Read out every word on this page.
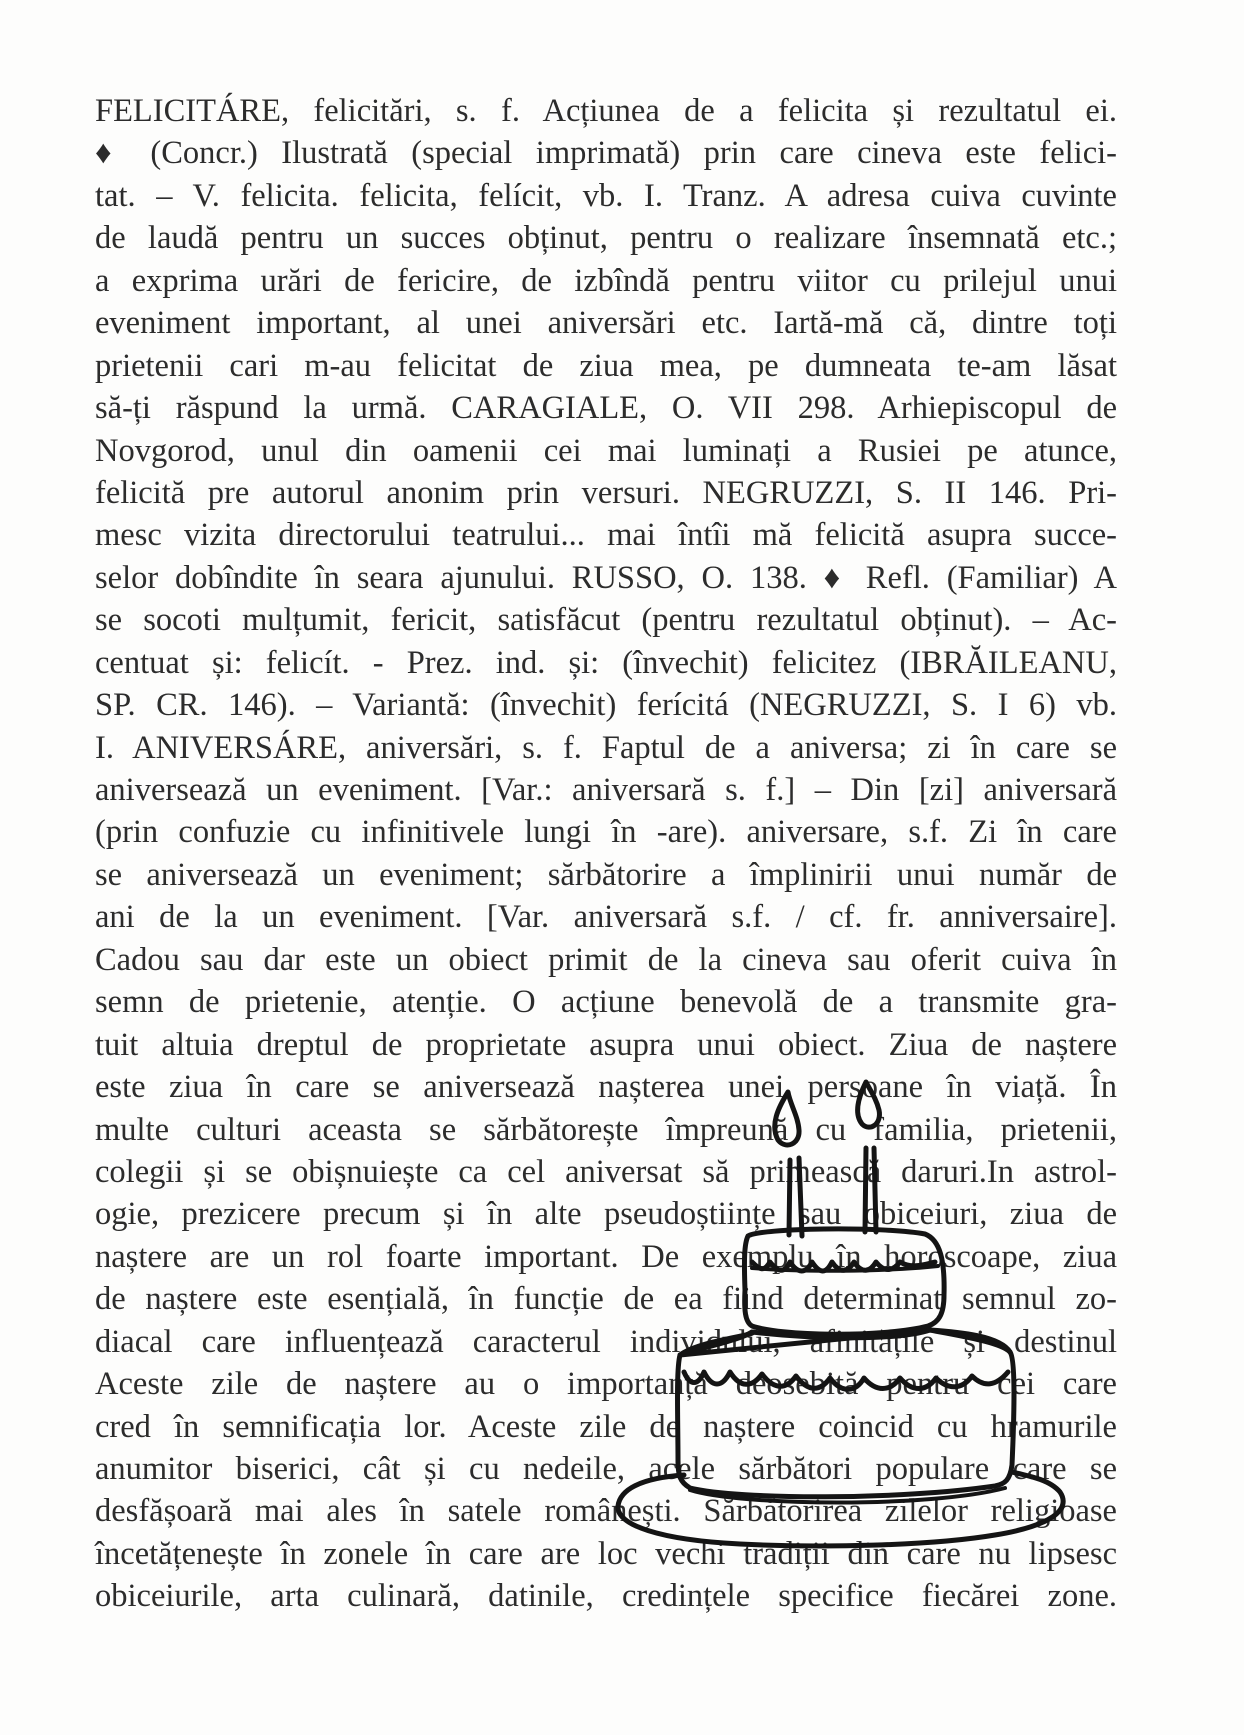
FELICITÁRE, felicitări, s. f. Acțiunea de a felicita și rezultatul ei.
♦ (Concr.) Ilustrată (special imprimată) prin care cineva este felici-
tat. – V. felicita. felicita, felícit, vb. I. Tranz. A adresa cuiva cuvinte
de laudă pentru un succes obținut, pentru o realizare însemnată etc.;
a exprima urări de fericire, de izbîndă pentru viitor cu prilejul unui
eveniment important, al unei aniversări etc. Iartă-mă că, dintre toți
prietenii cari m-au felicitat de ziua mea, pe dumneata te-am lăsat
să-ți răspund la urmă. CARAGIALE, O. VII 298. Arhiepiscopul de
Novgorod, unul din oamenii cei mai luminați a Rusiei pe atunce,
felicită pre autorul anonim prin versuri. NEGRUZZI, S. II 146. Pri-
mesc vizita directorului teatrului... mai întîi mă felicită asupra succe-
selor dobîndite în seara ajunului. RUSSO, O. 138. ♦ Refl. (Familiar) A
se socoti mulțumit, fericit, satisfăcut (pentru rezultatul obținut). – Ac-
centuat și: felicít. - Prez. ind. și: (învechit) felicitez (IBRĂILEANU,
SP. CR. 146). – Variantă: (învechit) ferícitá (NEGRUZZI, S. I 6) vb.
I. ANIVERSÁRE, aniversări, s. f. Faptul de a aniversa; zi în care se
aniversează un eveniment. [Var.: aniversară s. f.] – Din [zi] aniversară
(prin confuzie cu infinitivele lungi în -are). aniversare, s.f. Zi în care
se aniversează un eveniment; sărbătorire a împlinirii unui număr de
ani de la un eveniment. [Var. aniversară s.f. / cf. fr. anniversaire].
Cadou sau dar este un obiect primit de la cineva sau oferit cuiva în
semn de prietenie, atenție. O acțiune benevolă de a transmite gra-
tuit altuia dreptul de proprietate asupra unui obiect. Ziua de naștere
este ziua în care se aniversează nașterea unei persoane în viață. În
multe culturi aceasta se sărbătorește împreună cu familia, prietenii,
colegii și se obișnuiește ca cel aniversat să primească daruri.In astrol-
ogie, prezicere precum și în alte pseudoștiințe sau obiceiuri, ziua de
naștere are un rol foarte important. De exemplu în horoscoape, ziua
de naștere este esențială, în funcție de ea fiind determinat semnul zo-
diacal care influențează caracterul individului, afinitățile și destinul
Aceste zile de naștere au o importanță deosebită pentru cei care
cred în semnificația lor. Aceste zile de naștere coincid cu hramurile
anumitor biserici, cât și cu nedeile, acele sărbători populare care se
desfășoară mai ales în satele românești. Sărbătorirea zilelor religioase
încetățenește în zonele în care are loc vechi tradiții din care nu lipsesc
obiceiurile, arta culinară, datinile, credințele specifice fiecărei zone.
